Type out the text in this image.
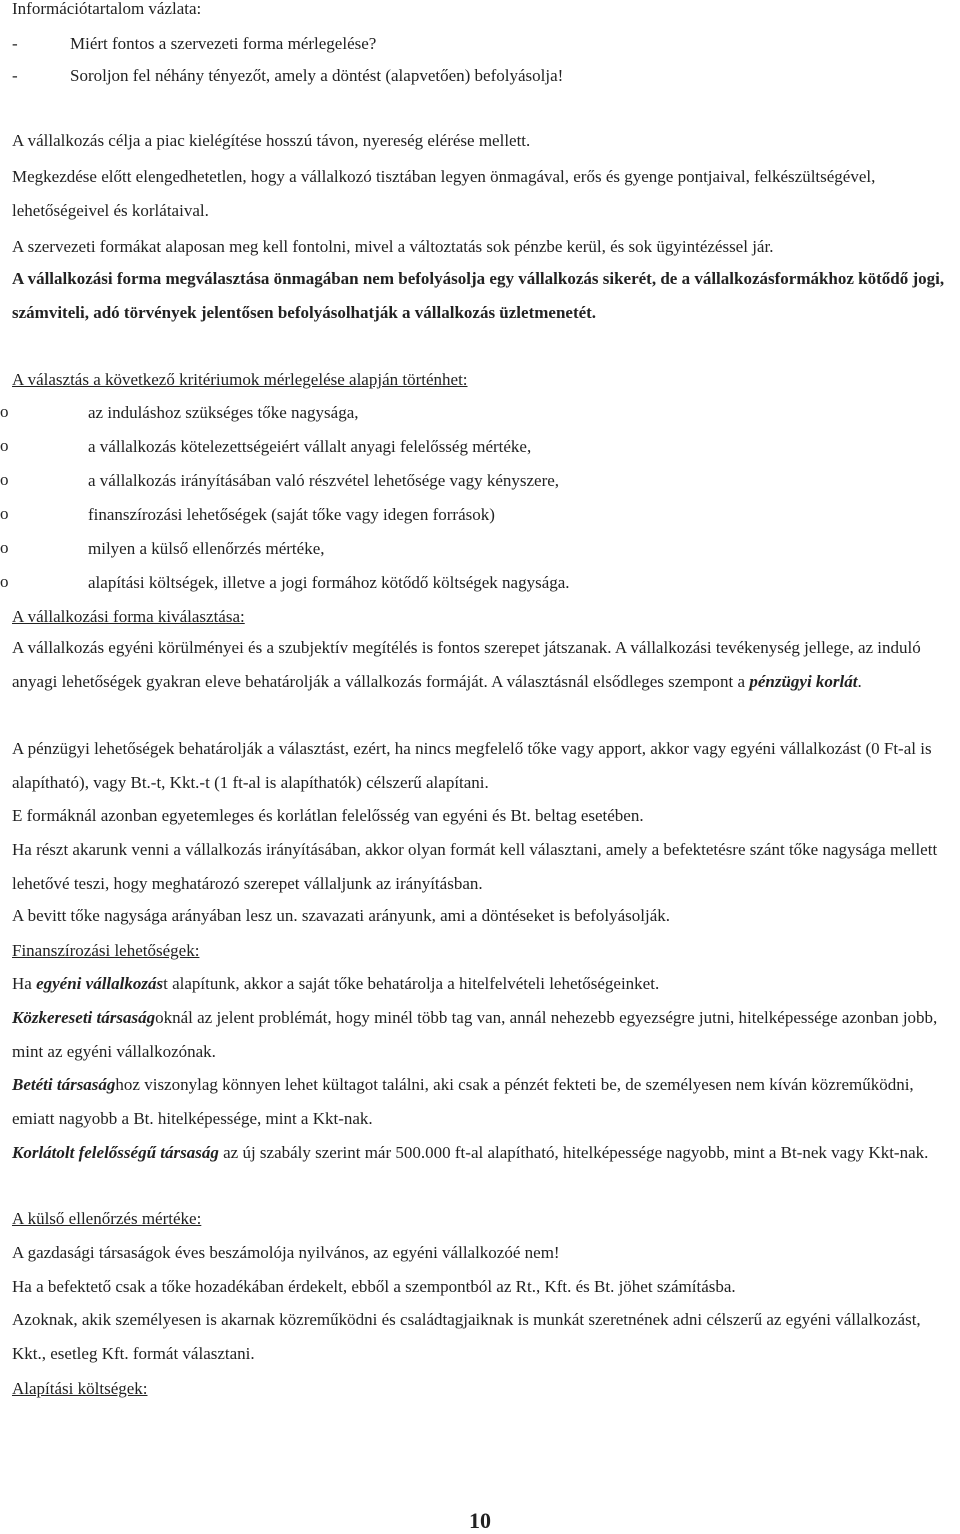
Információtartalom vázlata:
-	Miért fontos a szervezeti forma mérlegelése?
-	Soroljon fel néhány tényezőt, amely a döntést (alapvetően) befolyásolja!
A vállalkozás célja a piac kielégítése hosszú távon, nyereség elérése mellett.
Megkezdése előtt elengedhetetlen, hogy a vállalkozó tisztában legyen önmagával, erős és gyenge pontjaival, felkészültségével, lehetőségeivel és korlátaival.
A szervezeti formákat alaposan meg kell fontolni, mivel a változtatás sok pénzbe kerül, és sok ügyintézéssel jár.
A vállalkozási forma megválasztása önmagában nem befolyásolja egy vállalkozás sikerét, de a vállalkozásformákhoz kötődő jogi, számviteli, adó törvények jelentősen befolyásolhatják a vállalkozás üzletmenetét.
A választás a következő kritériumok mérlegelése alapján történhet:
o	az induláshoz szükséges tőke nagysága,
o	a vállalkozás kötelezettségeiért vállalt anyagi felelősség mértéke,
o	a vállalkozás irányításában való részvétel lehetősége vagy kényszere,
o	finanszírozási lehetőségek (saját tőke vagy idegen források)
o	milyen a külső ellenőrzés mértéke,
o	alapítási költségek, illetve a jogi formához kötődő költségek nagysága.
A vállalkozási forma kiválasztása:
A vállalkozás egyéni körülményei és a szubjektív megítélés is fontos szerepet játszanak. A vállalkozási tevékenység jellege, az induló anyagi lehetőségek gyakran eleve behatárolják a vállalkozás formáját. A választásnál elsődleges szempont a pénzügyi korlát.
A pénzügyi lehetőségek behatárolják a választást, ezért, ha nincs megfelelő tőke vagy apport, akkor vagy egyéni vállalkozást (0 Ft-al is alapítható), vagy Bt.-t, Kkt.-t (1 ft-al is alapíthatók) célszerű alapítani.
E formáknál azonban egyetemleges és korlátlan felelősség van egyéni és Bt. beltag esetében.
Ha részt akarunk venni a vállalkozás irányításában, akkor olyan formát kell választani, amely a befektetésre szánt tőke nagysága mellett lehetővé teszi, hogy meghatározó szerepet vállaljunk az irányításban.
A bevitt tőke nagysága arányában lesz un. szavazati arányunk, ami a döntéseket is befolyásolják.
Finanszírozási lehetőségek:
Ha egyéni vállalkozást alapítunk, akkor a saját tőke behatárolja a hitelfelvételi lehetőségeinket.
Közkereseti társaságoknál az jelent problémát, hogy minél több tag van, annál nehezebb egyezségre jutni, hitelképessége azonban jobb, mint az egyéni vállalkozónak.
Betéti társasághoz viszonylag könnyen lehet kültagot találni, aki csak a pénzét fekteti be, de személyesen nem kíván közreműködni, emiatt nagyobb a Bt. hitelképessége, mint a Kkt-nak.
Korlátolt felelősségű társaság az új szabály szerint már 500.000 ft-al alapítható, hitelképessége nagyobb, mint a Bt-nek vagy Kkt-nak.
A külső ellenőrzés mértéke:
A gazdasági társaságok éves beszámolója nyilvános, az egyéni vállalkozóé nem!
Ha a befektető csak a tőke hozadékában érdekelt, ebből a szempontból az Rt., Kft. és Bt. jöhet számításba.
Azoknak, akik személyesen is akarnak közreműködni és családtagjaiknak is munkát szeretnének adni célszerű az egyéni vállalkozást, Kkt., esetleg Kft. formát választani.
Alapítási költségek:
10
